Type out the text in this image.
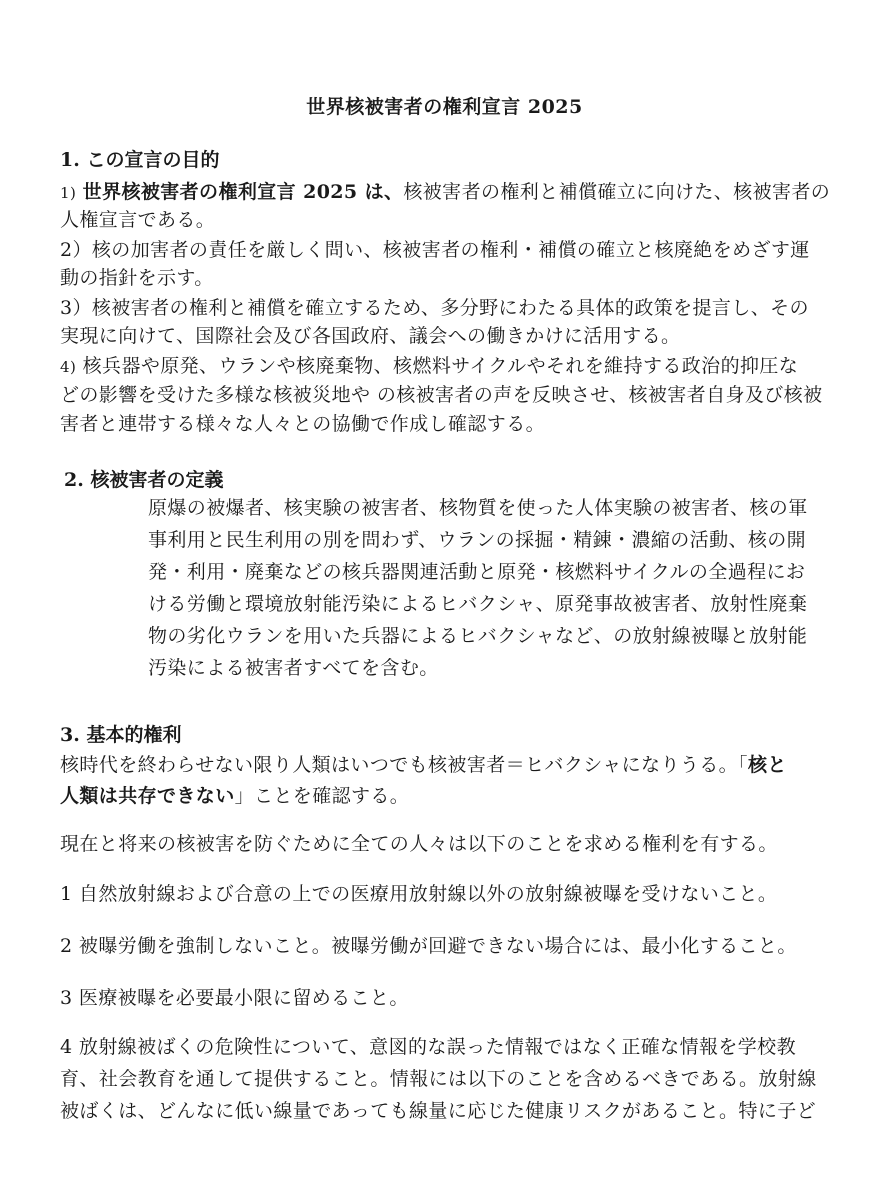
世界核被害者の権利宣言 2025
1. この宣言の目的
1) 世界核被害者の権利宣言 2025 は、核被害者の権利と補償確立に向けた、核被害者の
人権宣言である。
2）核の加害者の責任を厳しく問い、核被害者の権利・補償の確立と核廃絶をめざす運
動の指針を示す。
3）核被害者の権利と補償を確立するため、多分野にわたる具体的政策を提言し、その
実現に向けて、国際社会及び各国政府、議会への働きかけに活用する。
4) 核兵器や原発、ウランや核廃棄物、核燃料サイクルやそれを維持する政治的抑圧な
どの影響を受けた多様な核被災地や の核被害者の声を反映させ、核被害者自身及び核被
害者と連帯する様々な人々との協働で作成し確認する。
2. 核被害者の定義
原爆の被爆者、核実験の被害者、核物質を使った人体実験の被害者、核の軍
事利用と民生利用の別を問わず、ウランの採掘・精錬・濃縮の活動、核の開
発・利用・廃棄などの核兵器関連活動と原発・核燃料サイクルの全過程にお
ける労働と環境放射能汚染によるヒバクシャ、原発事故被害者、放射性廃棄
物の劣化ウランを用いた兵器によるヒバクシャなど、の放射線被曝と放射能
汚染による被害者すべてを含む。
3. 基本的権利
核時代を終わらせない限り人類はいつでも核被害者＝ヒバクシャになりうる。「核と
人類は共存できない」ことを確認する。
現在と将来の核被害を防ぐために全ての人々は以下のことを求める権利を有する。
1 自然放射線および合意の上での医療用放射線以外の放射線被曝を受けないこと。
2 被曝労働を強制しないこと。被曝労働が回避できない場合には、最小化すること。
3 医療被曝を必要最小限に留めること。
4 放射線被ばくの危険性について、意図的な誤った情報ではなく正確な情報を学校教
育、社会教育を通して提供すること。情報には以下のことを含めるべきである。放射線
被ばくは、どんなに低い線量であっても線量に応じた健康リスクがあること。特に子ど
